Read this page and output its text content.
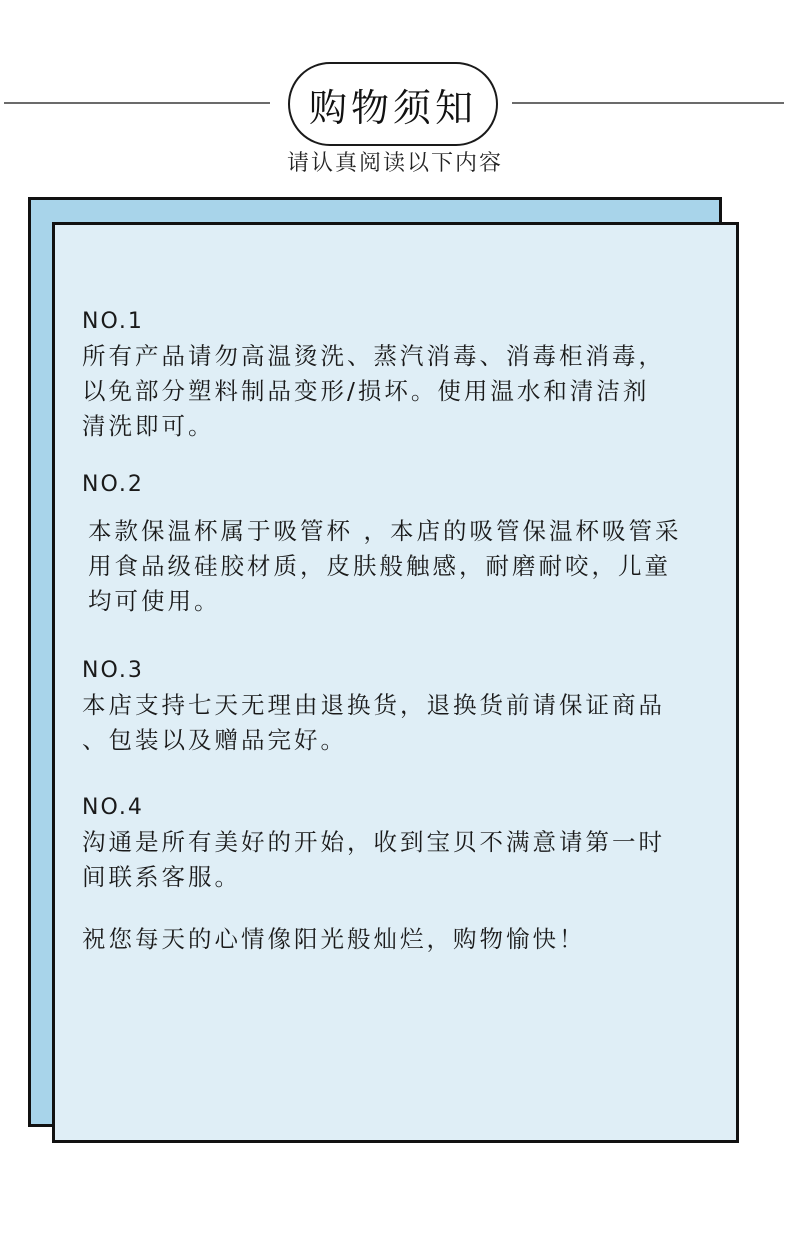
购物须知
请认真阅读以下内容
NO.1
所有产品请勿高温烫洗、蒸汽消毒、消毒柜消毒，
以免部分塑料制品变形/损坏。使用温水和清洁剂
清洗即可。
NO.2
本款保温杯属于吸管杯 ，本店的吸管保温杯吸管采
用食品级硅胶材质，皮肤般触感，耐磨耐咬，儿童
均可使用。
NO.3
本店支持七天无理由退换货，退换货前请保证商品
、包装以及赠品完好。
NO.4
沟通是所有美好的开始，收到宝贝不满意请第一时
间联系客服。
祝您每天的心情像阳光般灿烂，购物愉快！
